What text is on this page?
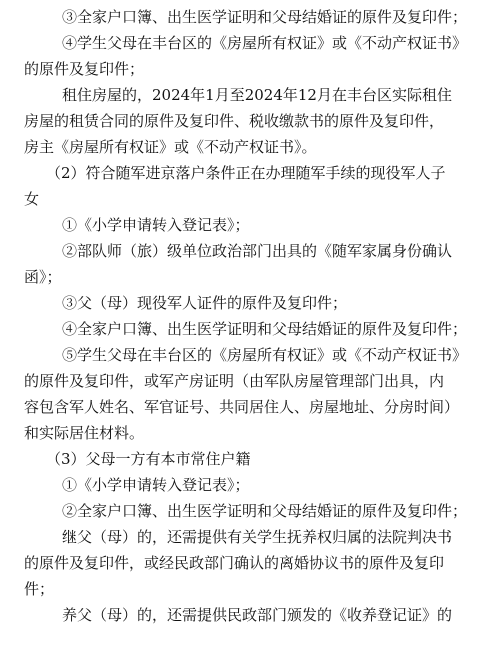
③全家户口簿、出生医学证明和父母结婚证的原件及复印件；
④学生父母在丰台区的《房屋所有权证》或《不动产权证书》
的原件及复印件；
租住房屋的，2024年1月至2024年12月在丰台区实际租住
房屋的租赁合同的原件及复印件、税收缴款书的原件及复印件，
房主《房屋所有权证》或《不动产权证书》。
（2）符合随军进京落户条件正在办理随军手续的现役军人子
女
①《小学申请转入登记表》；
②部队师（旅）级单位政治部门出具的《随军家属身份确认
函》；
③父（母）现役军人证件的原件及复印件；
④全家户口簿、出生医学证明和父母结婚证的原件及复印件；
⑤学生父母在丰台区的《房屋所有权证》或《不动产权证书》
的原件及复印件，或军产房证明（由军队房屋管理部门出具，内
容包含军人姓名、军官证号、共同居住人、房屋地址、分房时间）
和实际居住材料。
（3）父母一方有本市常住户籍
①《小学申请转入登记表》；
②全家户口簿、出生医学证明和父母结婚证的原件及复印件；
继父（母）的，还需提供有关学生抚养权归属的法院判决书
的原件及复印件，或经民政部门确认的离婚协议书的原件及复印
件；
养父（母）的，还需提供民政部门颁发的《收养登记证》的
